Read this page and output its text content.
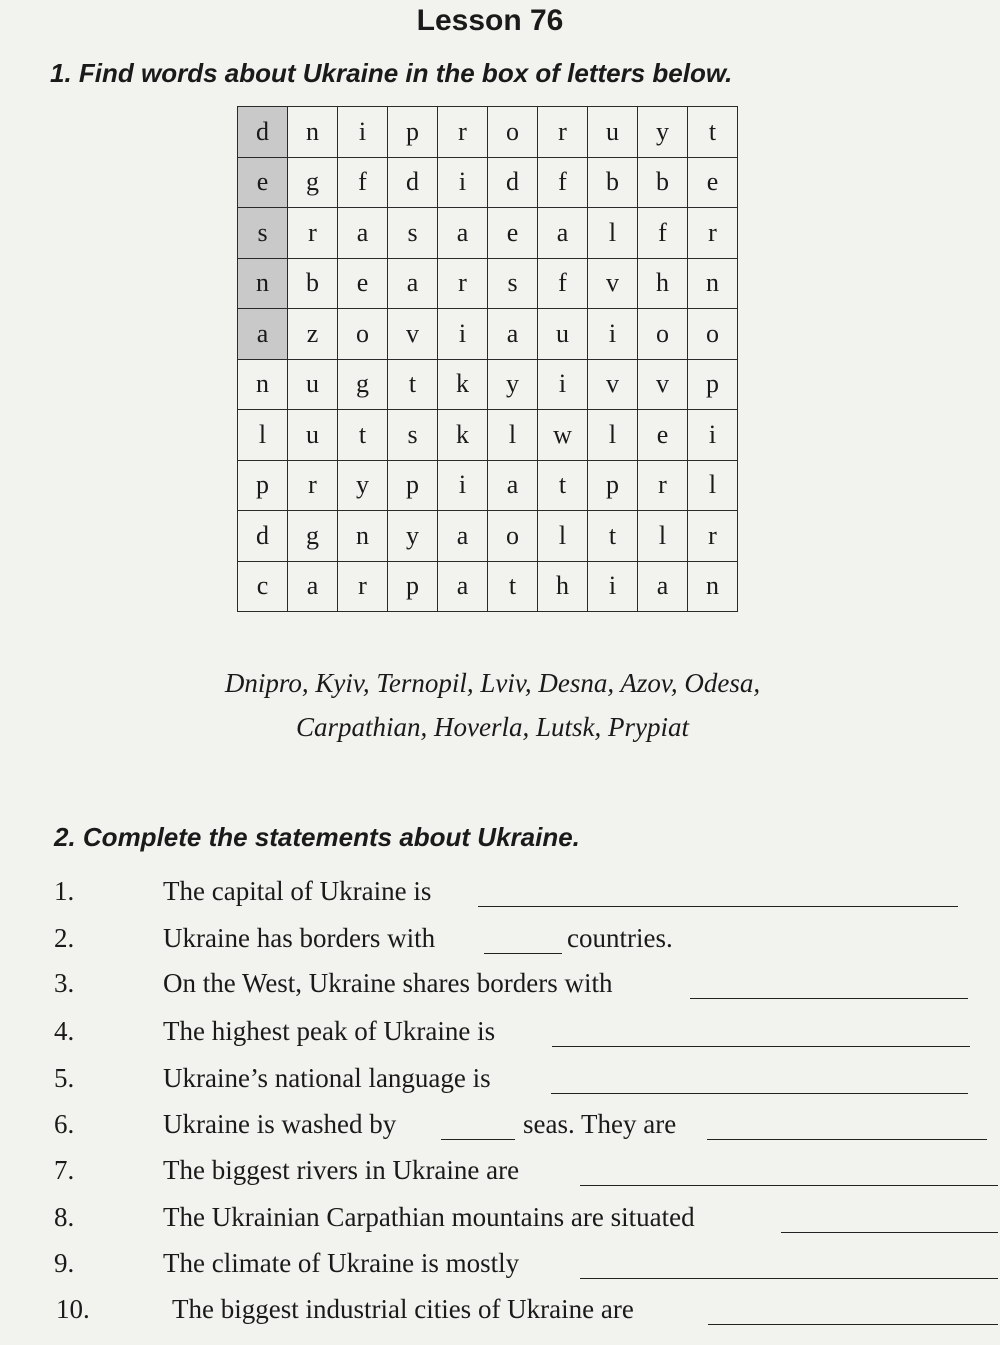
Lesson 76
1. Find words about Ukraine in the box of letters below.
d	n	i	p	r	o	r	u	y	t
e	g	f	d	i	d	f	b	b	e
s	r	a	s	a	e	a	l	f	r
n	b	e	a	r	s	f	v	h	n
a	z	o	v	i	a	u	i	o	o
n	u	g	t	k	y	i	v	v	p
l	u	t	s	k	l	w	l	e	i
p	r	y	p	i	a	t	p	r	l
d	g	n	y	a	o	l	t	l	r
c	a	r	p	a	t	h	i	a	n
Dnipro, Kyiv, Ternopil, Lviv, Desna, Azov, Odesa,
Carpathian, Hoverla, Lutsk, Prypiat
2. Complete the statements about Ukraine.
1.	The capital of Ukraine is
2.	Ukraine has borders with	countries.
3.	On the West, Ukraine shares borders with
4.	The highest peak of Ukraine is
5.	Ukraine’s national language is
6.	Ukraine is washed by	seas. They are
7.	The biggest rivers in Ukraine are
8.	The Ukrainian Carpathian mountains are situated
9.	The climate of Ukraine is mostly
10.	The biggest industrial cities of Ukraine are
